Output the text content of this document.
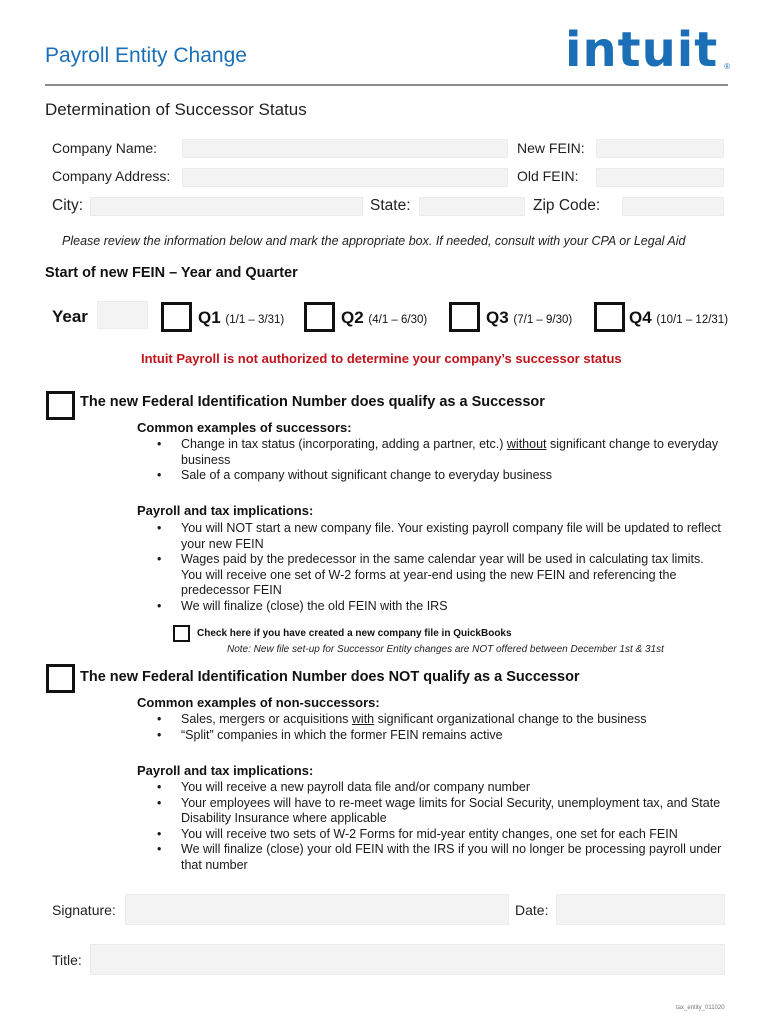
Payroll Entity Change	intuit ®
Determination of Successor Status
Company Name:	New FEIN:
Company Address:	Old FEIN:
City:	State:	Zip Code:
Please review the information below and mark the appropriate box. If needed, consult with your CPA or Legal Aid
Start of new FEIN – Year and Quarter
Year	Q1 (1/1 – 3/31)	Q2 (4/1 – 6/30)	Q3 (7/1 – 9/30)	Q4 (10/1 – 12/31)
Intuit Payroll is not authorized to determine your company’s successor status
The new Federal Identification Number does qualify as a Successor
Common examples of successors:
• Change in tax status (incorporating, adding a partner, etc.) without significant change to everyday business
• Sale of a company without significant change to everyday business
Payroll and tax implications:
• You will NOT start a new company file. Your existing payroll company file will be updated to reflect your new FEIN
• Wages paid by the predecessor in the same calendar year will be used in calculating tax limits. You will receive one set of W-2 forms at year-end using the new FEIN and referencing the predecessor FEIN
• We will finalize (close) the old FEIN with the IRS
Check here if you have created a new company file in QuickBooks
Note: New file set-up for Successor Entity changes are NOT offered between December 1st & 31st
The new Federal Identification Number does NOT qualify as a Successor
Common examples of non-successors:
• Sales, mergers or acquisitions with significant organizational change to the business
• “Split” companies in which the former FEIN remains active
Payroll and tax implications:
• You will receive a new payroll data file and/or company number
• Your employees will have to re-meet wage limits for Social Security, unemployment tax, and State Disability Insurance where applicable
• You will receive two sets of W-2 Forms for mid-year entity changes, one set for each FEIN
• We will finalize (close) your old FEIN with the IRS if you will no longer be processing payroll under that number
Signature:	Date:
Title:
tax_entity_011020
